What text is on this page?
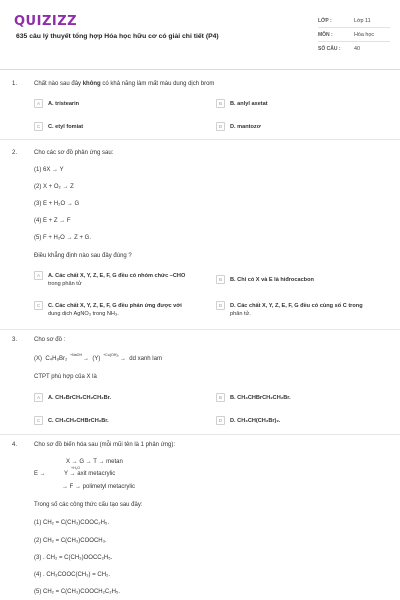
QUIZIZZ
635 câu lý thuyết tổng hợp Hóa học hữu cơ có giải chi tiết (P4)
LỚP :	Lớp 11
MÔN :	Hóa học
SỐ CÂU :	40
1.	Chất nào sau đây không có khả năng làm mất màu dung dịch brom
A	A. tristearin	B	B. anlyl axetat
C	C. etyl fomiat	D	D. mantozơ
2.	Cho các sơ đồ phản ứng sau:
(1) 6X → Y
(2) X + O₂ → Z
(3) E + H₂O → G
(4) E + Z → F
(5) F + H₂O → Z + G.
Điều khẳng định nào sau đây đúng ?
A	A. Các chất X, Y, Z, E, F, G đều có nhóm chức –CHO
trong phân tử
B	B. Chỉ có X và E là hiđrocacbon
C	C. Các chất X, Y, Z, E, F, G đều phản ứng được với
dung dịch AgNO₃ trong NH₃.
D	D. Các chất X, Y, Z, E, F, G đều có cùng số C trong
phân tử.
3.	Cho sơ đồ :
(X) C₄H₈Br₂ $^{+NaOH}$→  (Y) $^{+Cu(OH)_2}$→  dd xanh lam
CTPT phù hợp của X là
A	A. CH₂BrCH₂CH₂CH₂Br.	B	B. CH₃CHBrCH₂CH₂Br.
C	C. CH₃CH₂CHBrCH₂Br.	D	D. CH₃CH(CH₂Br)₂.
4.	Cho sơ đồ biến hóa sau (mỗi mũi tên là 1 phản ứng):
X → G → T → metan
E →	Y → axit metacrylic
+H₂O
→ F → polimetyl metacrylic
Trong số các công thức cấu tạo sau đây:
(1) CH₂ = C(CH₃)COOC₂H₅.
(2) CH₂ = C(CH₃)COOCH₃.
(3) . CH₂ = C(CH₃)OOCC₂H₅.
(4) . CH₃COOC(CH₃) = CH₂.
(5) CH₂ = C(CH₃)COOCH₂C₂H₅.
